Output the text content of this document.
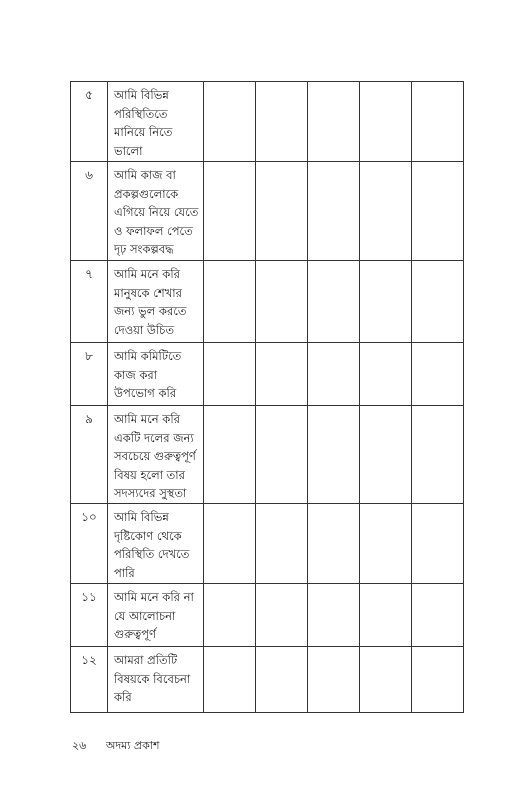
৫	আমি বিভিন্ন পরিস্থিতিতে মানিয়ে নিতে ভালো					
৬	আমি কাজ বা প্রকল্পগুলোকে এগিয়ে নিয়ে যেতে ও ফলাফল পেতে দৃঢ় সংকল্পবদ্ধ					
৭	আমি মনে করি মানুষকে শেখার জন্য ভুল করতে দেওয়া উচিত					
৮	আমি কমিটিতে কাজ করা উপভোগ করি					
৯	আমি মনে করি একটি দলের জন্য সবচেয়ে গুরুত্বপূর্ণ বিষয় হলো তার সদস্যদের সুস্থতা					
১০	আমি বিভিন্ন দৃষ্টিকোণ থেকে পরিস্থিতি দেখতে পারি					
১১	আমি মনে করি না যে আলোচনা গুরুত্বপূর্ণ					
১২	আমরা প্রতিটি বিষয়কে বিবেচনা করি					
২৬ অদম্য প্রকাশ
